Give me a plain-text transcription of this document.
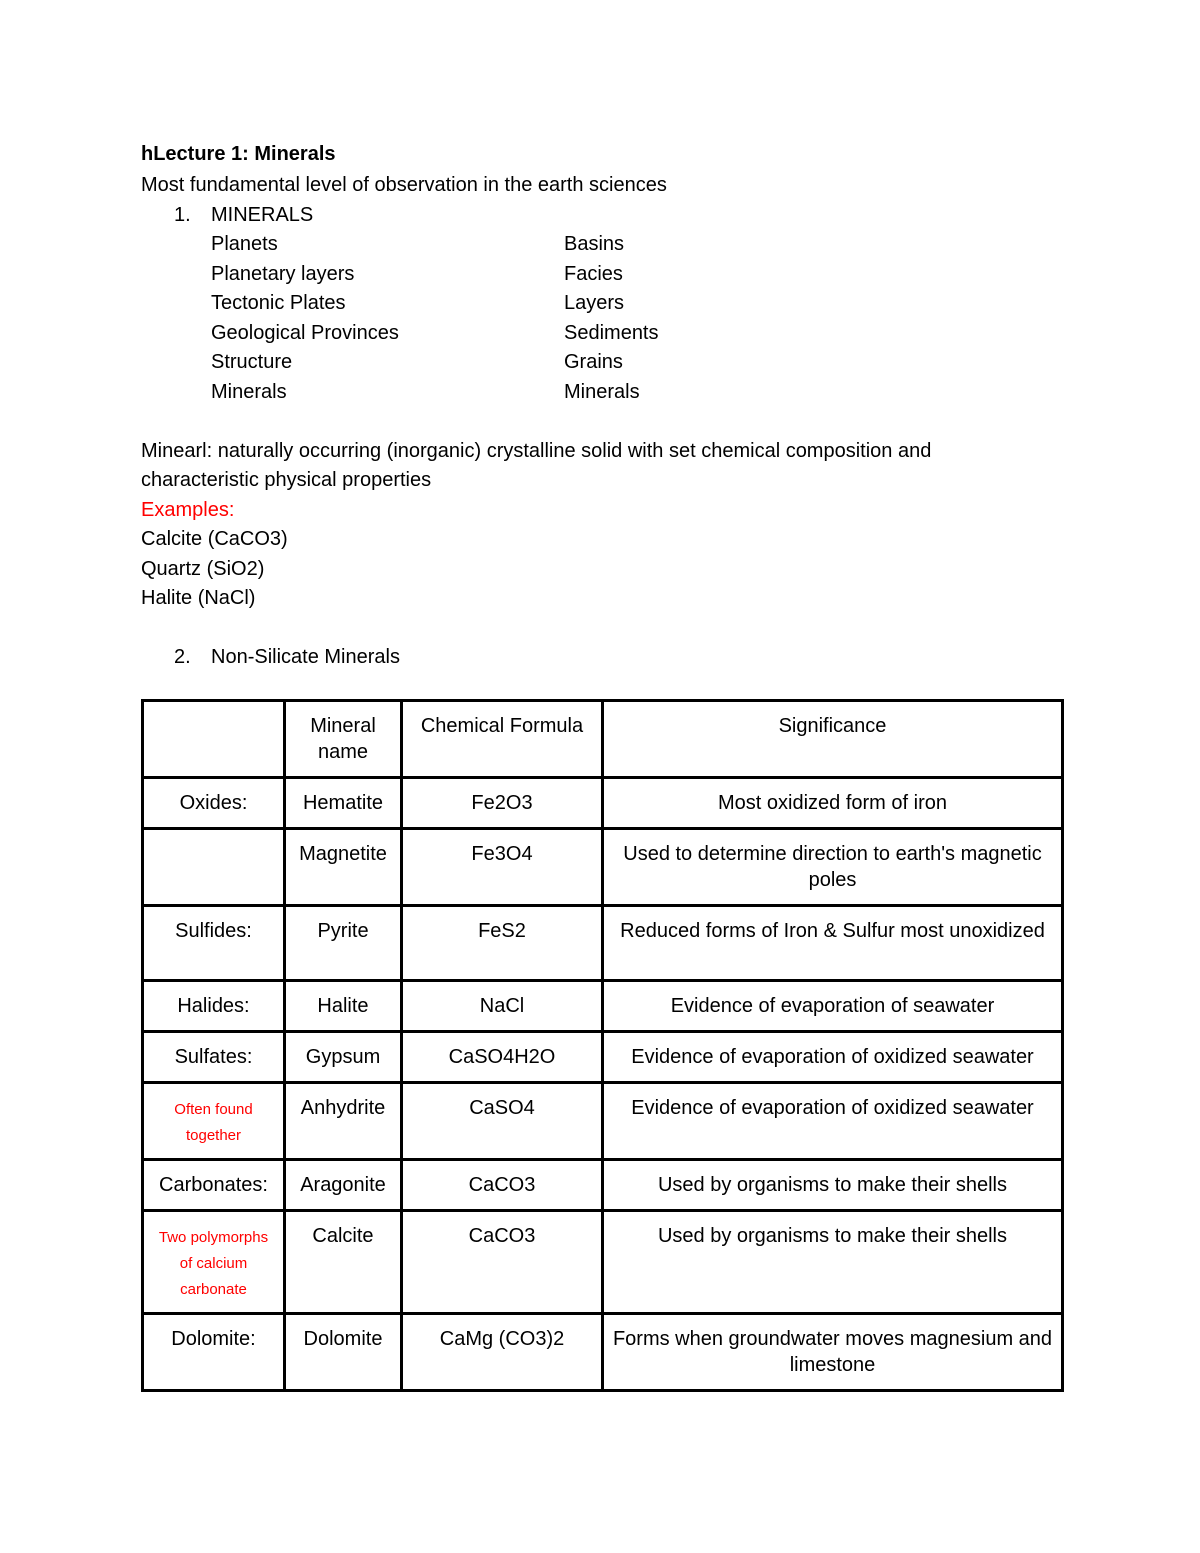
hLecture 1: Minerals
Most fundamental level of observation in the earth sciences
1. MINERALS
Planets	Basins
Planetary layers	Facies
Tectonic Plates	Layers
Geological Provinces	Sediments
Structure	Grains
Minerals	Minerals
Minearl: naturally occurring (inorganic) crystalline solid with set chemical composition and
characteristic physical properties
Examples:
Calcite (CaCO3)
Quartz (SiO2)
Halite (NaCl)
2. Non-Silicate Minerals
	Mineral name	Chemical Formula	Significance
Oxides:	Hematite	Fe2O3	Most oxidized form of iron
	Magnetite	Fe3O4	Used to determine direction to earth's magnetic poles
Sulfides:	Pyrite	FeS2	Reduced forms of Iron & Sulfur most unoxidized
Halides:	Halite	NaCl	Evidence of evaporation of seawater
Sulfates:	Gypsum	CaSO4H2O	Evidence of evaporation of oxidized seawater
Often found together	Anhydrite	CaSO4	Evidence of evaporation of oxidized seawater
Carbonates:	Aragonite	CaCO3	Used by organisms to make their shells
Two polymorphs of calcium carbonate	Calcite	CaCO3	Used by organisms to make their shells
Dolomite:	Dolomite	CaMg (CO3)2	Forms when groundwater moves magnesium and limestone
